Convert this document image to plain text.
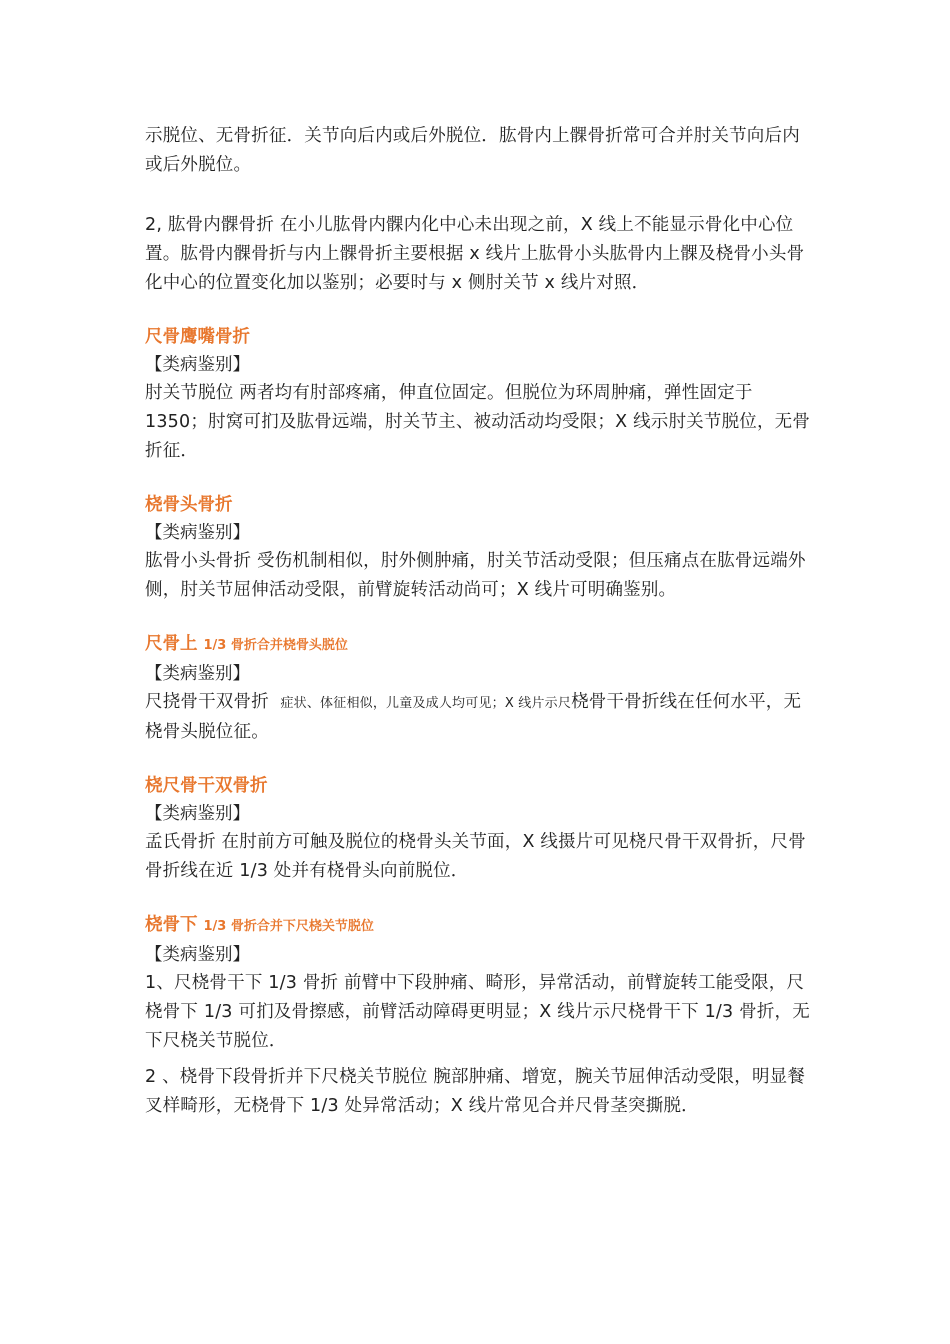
示脱位、无骨折征．关节向后内或后外脱位．肱骨内上髁骨折常可合并肘关节向后内或后外脱位。

2, 肱骨内髁骨折 在小儿肱骨内髁内化中心未出现之前，X 线上不能显示骨化中心位置。肱骨内髁骨折与内上髁骨折主要根据 x 线片上肱骨小头肱骨内上髁及桡骨小头骨化中心的位置变化加以鉴别；必要时与 x 侧肘关节 x 线片对照．

尺骨鹰嘴骨折

【类病鉴别】

肘关节脱位 两者均有肘部疼痛，伸直位固定。但脱位为环周肿痛，弹性固定于 1350；肘窝可扪及肱骨远端，肘关节主、被动活动均受限；X 线示肘关节脱位，无骨折征．

桡骨头骨折

【类病鉴别】

肱骨小头骨折 受伤机制相似，肘外侧肿痛，肘关节活动受限；但压痛点在肱骨远端外侧，肘关节屈伸活动受限，前臂旋转活动尚可；X 线片可明确鉴别。

尺骨上 1/3 骨折合并桡骨头脱位

【类病鉴别】

尺挠骨干双骨折 症状、体征相似，儿童及成人均可见；X 线片示尺桡骨干骨折线在任何水平，无桡骨头脱位征。

桡尺骨干双骨折

【类病鉴别】

孟氏骨折 在肘前方可触及脱位的桡骨头关节面，X 线摄片可见桡尺骨干双骨折，尺骨骨折线在近 1/3 处并有桡骨头向前脱位．

桡骨下 1/3 骨折合并下尺桡关节脱位

【类病鉴别】

1、尺桡骨干下 1/3 骨折 前臂中下段肿痛、畸形，异常活动，前臂旋转工能受限，尺桡骨下 1/3 可扪及骨擦感，前臂活动障碍更明显；X 线片示尺桡骨干下 1/3 骨折，无下尺桡关节脱位．

2 、桡骨下段骨折并下尺桡关节脱位 腕部肿痛、增宽，腕关节屈伸活动受限，明显餐叉样畸形，无桡骨下 1/3 处异常活动；X 线片常见合并尺骨茎突撕脱．
